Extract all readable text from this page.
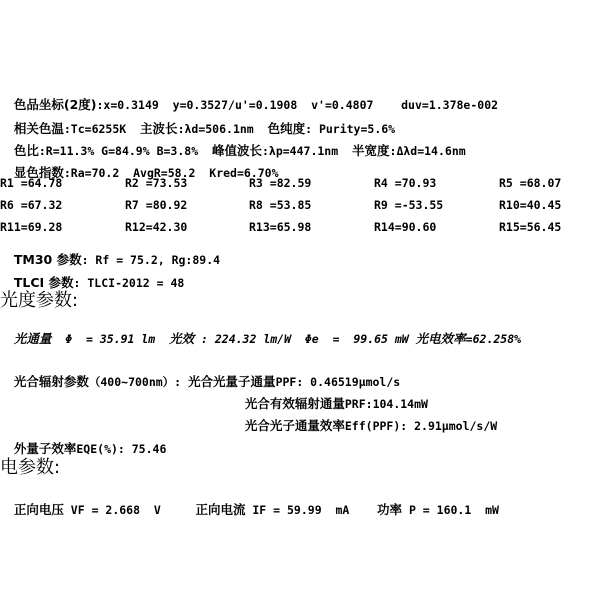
色品坐标(2度):x=0.3149  y=0.3527/u'=0.1908  v'=0.4807    duv=1.378e-002

相关色温:Tc=6255K  主波长:λd=506.1nm  色纯度: Purity=5.6%

色比:R=11.3% G=84.9% B=3.8%  峰值波长:λp=447.1nm  半宽度:Δλd=14.6nm

显色指数:Ra=70.2  AvgR=58.2  Kred=6.70%

R1 =64.78	R2 =73.53	R3 =82.59	R4 =70.93	R5 =68.07
R6 =67.32	R7 =80.92	R8 =53.85	R9 =-53.55	R10=40.45
R11=69.28	R12=42.30	R13=65.98	R14=90.60	R15=56.45

TM30 参数: Rf = 75.2, Rg:89.4

TLCI 参数: TLCI-2012 = 48

光度参数:

光通量  Φ  = 35.91 lm  光效 : 224.32 lm/W  Φe  =  99.65 mW 光电效率=62.258%

光合辐射参数（400~700nm）: 光合光量子通量PPF: 0.46519μmol/s

光合有效辐射通量PRF:104.14mW

光合光子通量效率Eff(PPF): 2.91μmol/s/W

外量子效率EQE(%): 75.46

电参数:

正向电压 VF = 2.668  V     正向电流 IF = 59.99  mA    功率 P = 160.1  mW
